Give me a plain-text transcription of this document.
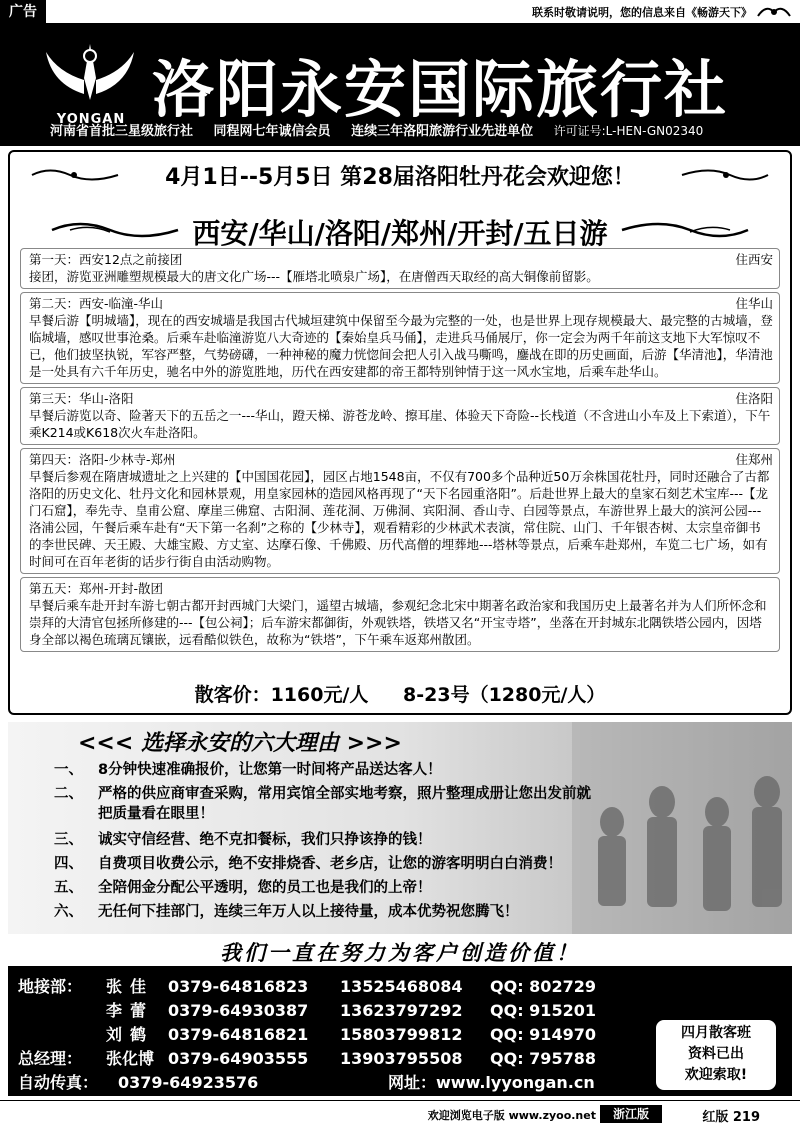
广告	联系时敬请说明，您的信息来自《畅游天下》
YONGAN 洛阳永安国际旅行社
河南省首批三星级旅行社 同程网七年诚信会员 连续三年洛阳旅游行业先进单位 许可证号:L-HEN-GN02340
4月1日--5月5日 第28届洛阳牡丹花会欢迎您！
西安/华山/洛阳/郑州/开封/五日游
第一天：西安12点之前接团	住西安
接团，游览亚洲雕塑规模最大的唐文化广场---【雁塔北喷泉广场】，在唐僧西天取经的高大铜像前留影。
第二天：西安-临潼-华山	住华山
早餐后游【明城墙】，现在的西安城墙是我国古代城垣建筑中保留至今最为完整的一处，也是世界上现存规模最大、最完整的古城墙，登临城墙，感叹世事沧桑。后乘车赴临潼游览八大奇迹的【秦始皇兵马俑】，走进兵马俑展厅，你一定会为两千年前这支地下大军惊叹不已，他们披坚执锐，军容严整，气势磅礴，一种神秘的魔力恍惚间会把人引入战马嘶鸣，鏖战在即的历史画面，后游【华清池】，华清池是一处具有六千年历史，驰名中外的游览胜地，历代在西安建都的帝王都特别钟情于这一风水宝地，后乘车赴华山。
第三天：华山-洛阳	住洛阳
早餐后游览以奇、险著天下的五岳之一---华山，蹬天梯、游苍龙岭、擦耳崖、体验天下奇险--长栈道（不含进山小车及上下索道），下午乘K214或K618次火车赴洛阳。
第四天：洛阳-少林寺-郑州	住郑州
早餐后参观在隋唐城遗址之上兴建的【中国国花园】，园区占地1548亩，不仅有700多个品种近50万余株国花牡丹，同时还融合了古都洛阳的历史文化、牡丹文化和园林景观，用皇家园林的造园风格再现了“天下名园重洛阳”。后赴世界上最大的皇家石刻艺术宝库---【龙门石窟】，奉先寺、皇甫公窟、摩崖三佛窟、古阳洞、莲花洞、万佛洞、宾阳洞、香山寺、白园等景点，车游世界上最大的滨河公园---洛浦公园，午餐后乘车赴有“天下第一名刹”之称的【少林寺】，观看精彩的少林武术表演，常住院、山门、千年银杏树、太宗皇帝御书的李世民碑、天王殿、大雄宝殿、方丈室、达摩石像、千佛殿、历代高僧的埋葬地---塔林等景点，后乘车赴郑州，车览二七广场，如有时间可在百年老街的话步行街自由活动购物。
第五天：郑州-开封-散团
早餐后乘车赴开封车游七朝古都开封西城门大梁门，遥望古城墙，参观纪念北宋中期著名政治家和我国历史上最著名并为人们所怀念和崇拜的大清官包拯所修建的---【包公祠】；后车游宋都御街，外观铁塔，铁塔又名“开宝寺塔”，坐落在开封城东北隅铁塔公园内，因塔身全部以褐色琉璃瓦镶嵌，远看酷似铁色，故称为“铁塔”，下午乘车返郑州散团。
散客价：1160元/人 8-23号（1280元/人）
<<< 选择永安的六大理由 >>>
一、 8分钟快速准确报价，让您第一时间将产品送达客人！
二、 严格的供应商审查采购，常用宾馆全部实地考察，照片整理成册让您出发前就
把质量看在眼里！
三、 诚实守信经营、绝不克扣餐标，我们只挣该挣的钱！
四、 自费项目收费公示，绝不安排烧香、老乡店，让您的游客明明白白消费！
五、 全陪佣金分配公平透明，您的员工也是我们的上帝！
六、 无任何下挂部门，连续三年万人以上接待量，成本优势祝您腾飞！
我们一直在努力为客户创造价值！
地接部： 张佳 0379-64816823 13525468084 QQ: 802729
李蕾 0379-64930387 13623797292 QQ: 915201
刘鹤 0379-64816821 15803799812 QQ: 914970
总经理： 张化博 0379-64903555 13903795508 QQ: 795788
自动传真： 0379-64923576	网址：www.lyyongan.cn
四月散客班
资料已出
欢迎索取!
欢迎浏览电子版 www.zyoo.net	浙江版	红版 219
